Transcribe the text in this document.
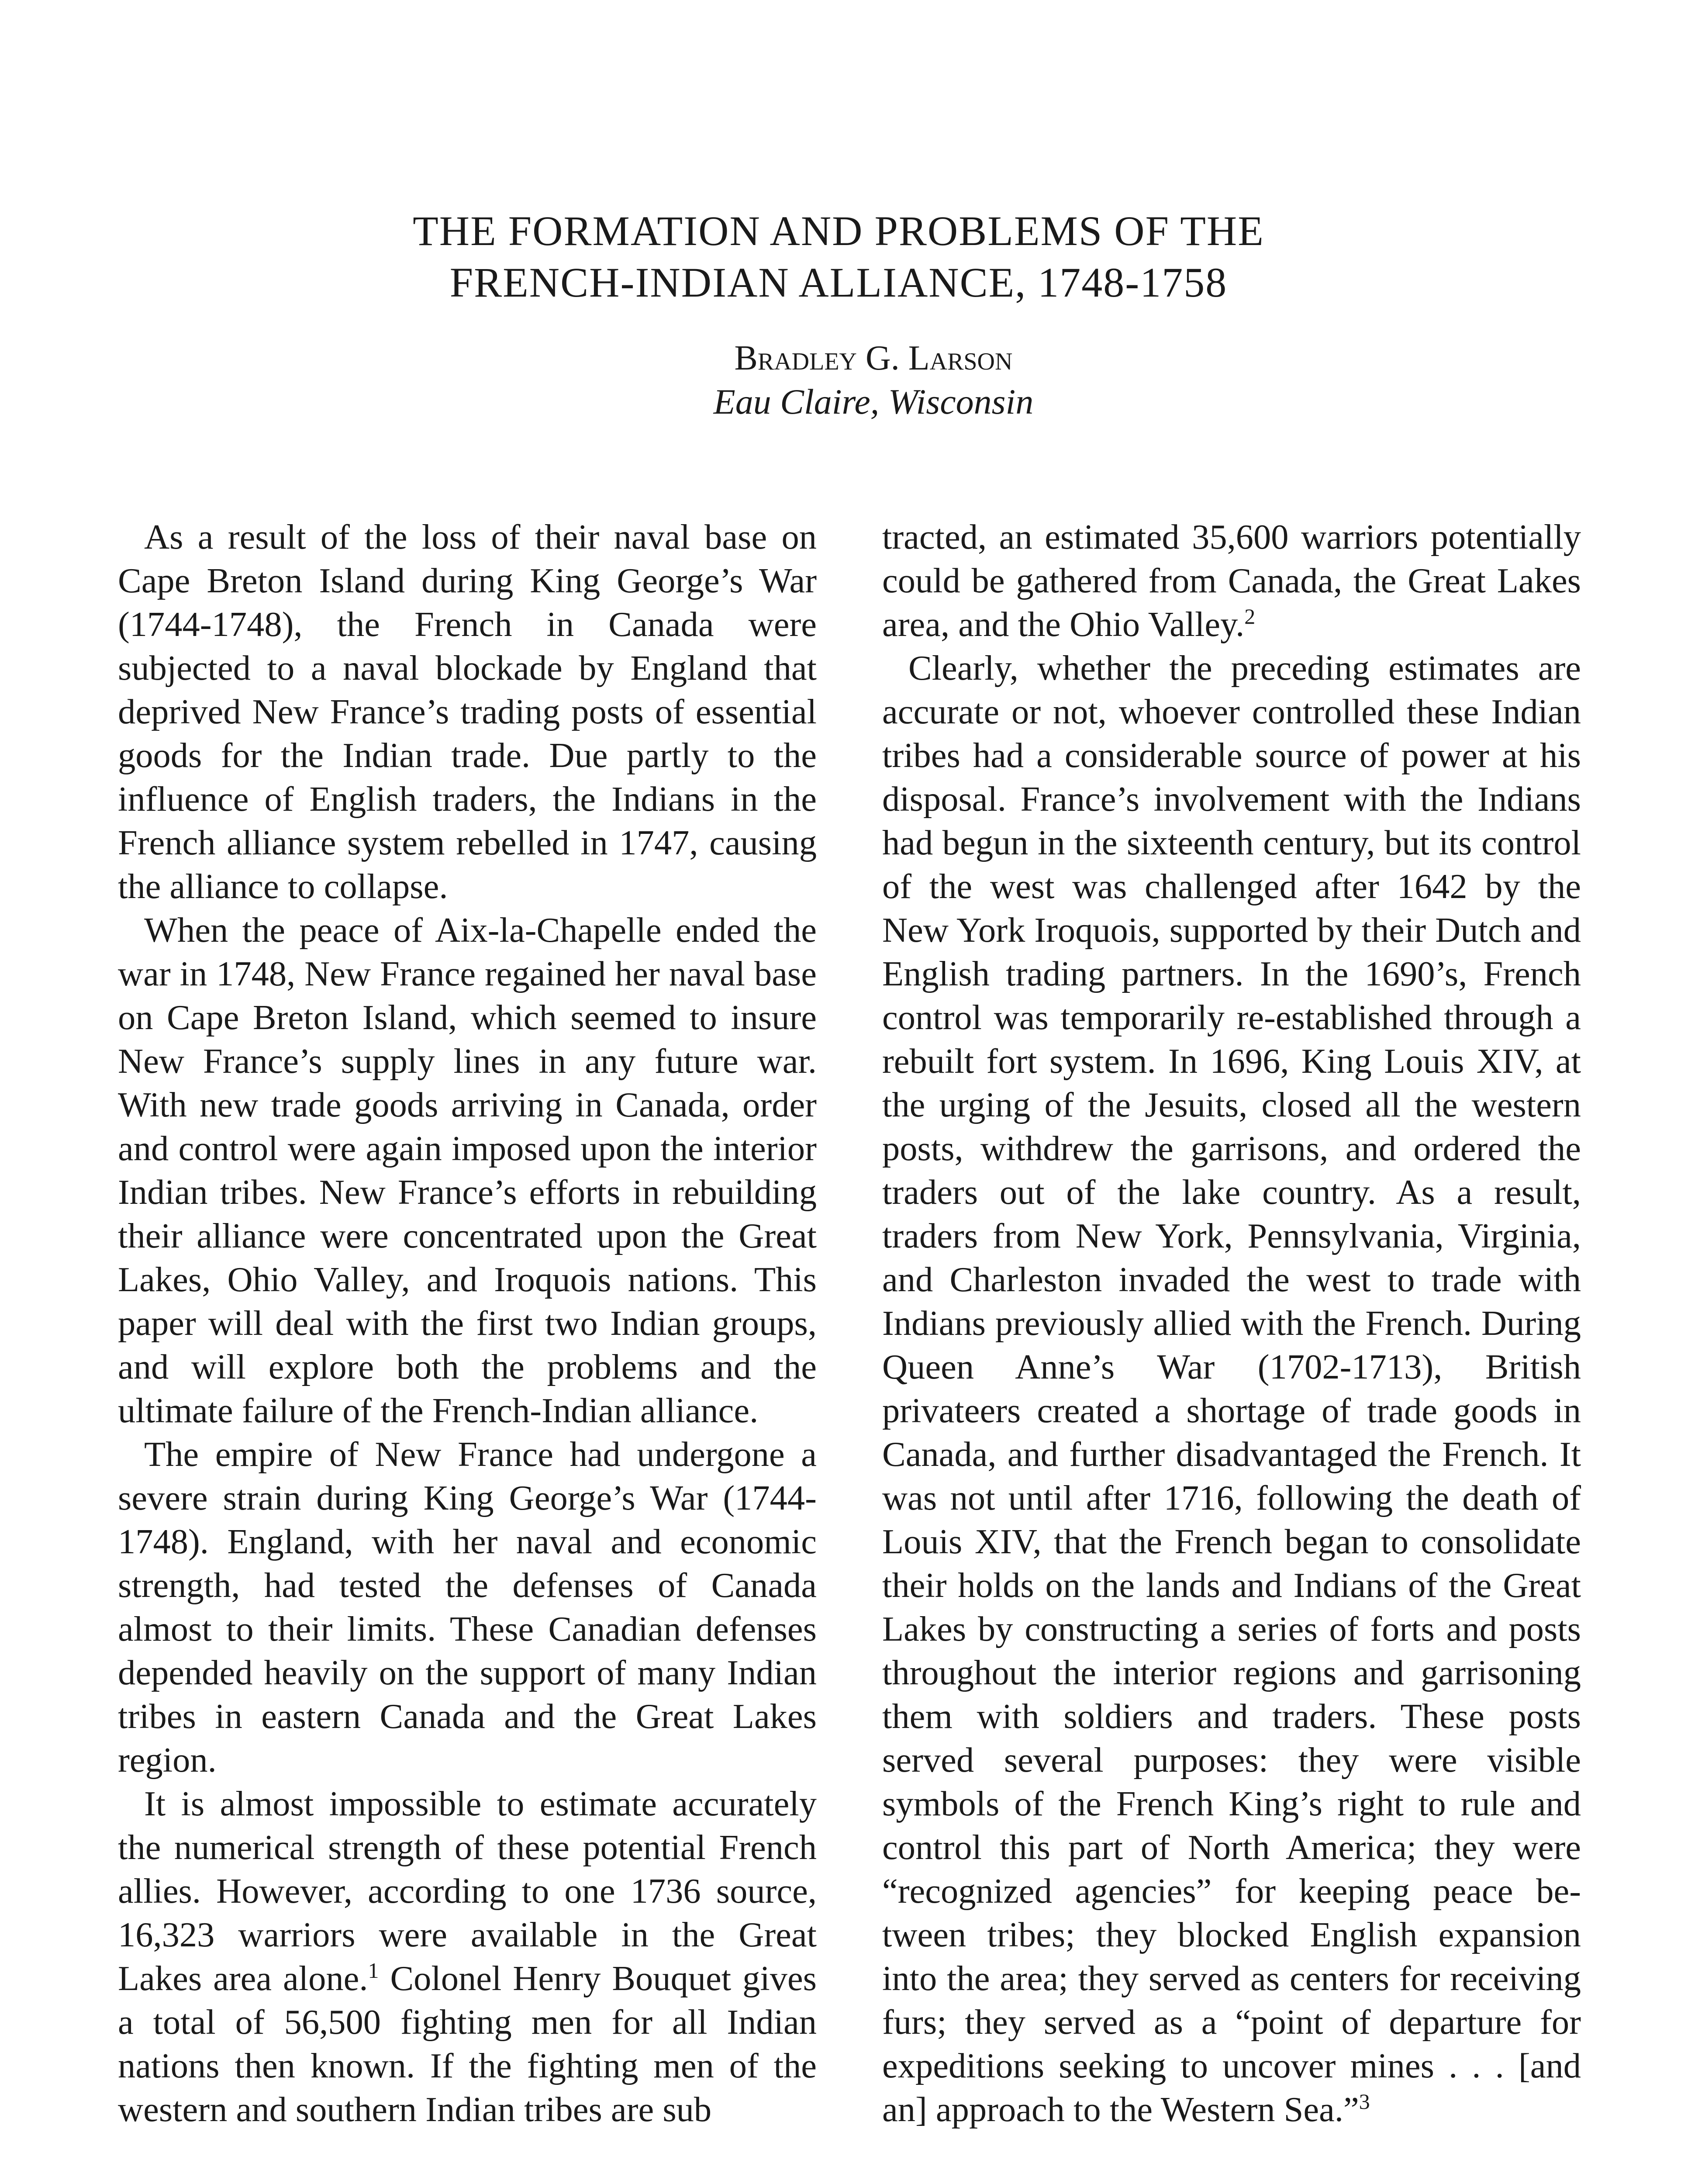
THE FORMATION AND PROBLEMS OF THE
FRENCH-INDIAN ALLIANCE, 1748-1758
Bradley G. Larson
Eau Claire, Wisconsin

As a result of the loss of their naval base on Cape Breton Island during King George’s War (1744-1748), the French in Canada were subjected to a naval blockade by England that deprived New France’s trading posts of essential goods for the Indian trade. Due partly to the influence of English traders, the Indians in the French alliance system rebelled in 1747, causing the alliance to collapse.

When the peace of Aix-la-Chapelle ended the war in 1748, New France regained her naval base on Cape Breton Island, which seemed to insure New France’s supply lines in any future war. With new trade goods arriving in Canada, order and control were again imposed upon the interior Indian tribes. New France’s efforts in rebuilding their alliance were concentrated upon the Great Lakes, Ohio Valley, and Iroquois nations. This paper will deal with the first two Indian groups, and will explore both the problems and the ultimate failure of the French-Indian alliance.

The empire of New France had undergone a severe strain during King George’s War (1744-1748). England, with her naval and economic strength, had tested the defenses of Canada almost to their limits. These Canadian defenses depended heavily on the support of many Indian tribes in eastern Canada and the Great Lakes region.

It is almost impossible to estimate accurately the numerical strength of these potential French allies. However, according to one 1736 source, 16,323 warriors were available in the Great Lakes area alone.$^1$ Colonel Henry Bouquet gives a total of 56,500 fighting men for all Indian nations then known. If the fighting men of the western and southern Indian tribes are sub

tracted, an estimated 35,600 warriors potentially could be gathered from Canada, the Great Lakes area, and the Ohio Valley.$^2$

Clearly, whether the preceding estimates are accurate or not, whoever controlled these Indian tribes had a considerable source of power at his disposal. France’s involvement with the Indians had begun in the sixteenth century, but its control of the west was challenged after 1642 by the New York Iroquois, supported by their Dutch and English trading partners. In the 1690’s, French control was temporarily re-established through a rebuilt fort system. In 1696, King Louis XIV, at the urging of the Jesuits, closed all the western posts, withdrew the garrisons, and ordered the traders out of the lake country. As a result, traders from New York, Pennsylvania, Virginia, and Charleston invaded the west to trade with Indians previously allied with the French. During Queen Anne’s War (1702-1713), British privateers created a shortage of trade goods in Canada, and further disadvantaged the French. It was not until after 1716, following the death of Louis XIV, that the French began to consolidate their holds on the lands and Indians of the Great Lakes by constructing a series of forts and posts throughout the interior regions and garrisoning them with soldiers and traders. These posts served several purposes: they were visible symbols of the French King’s right to rule and control this part of North America; they were “recognized agencies” for keeping peace between tribes; they blocked English expansion into the area; they served as centers for receiving furs; they served as a “point of departure for expeditions seeking to uncover mines . . . [and an] approach to the Western Sea.”$^3$
